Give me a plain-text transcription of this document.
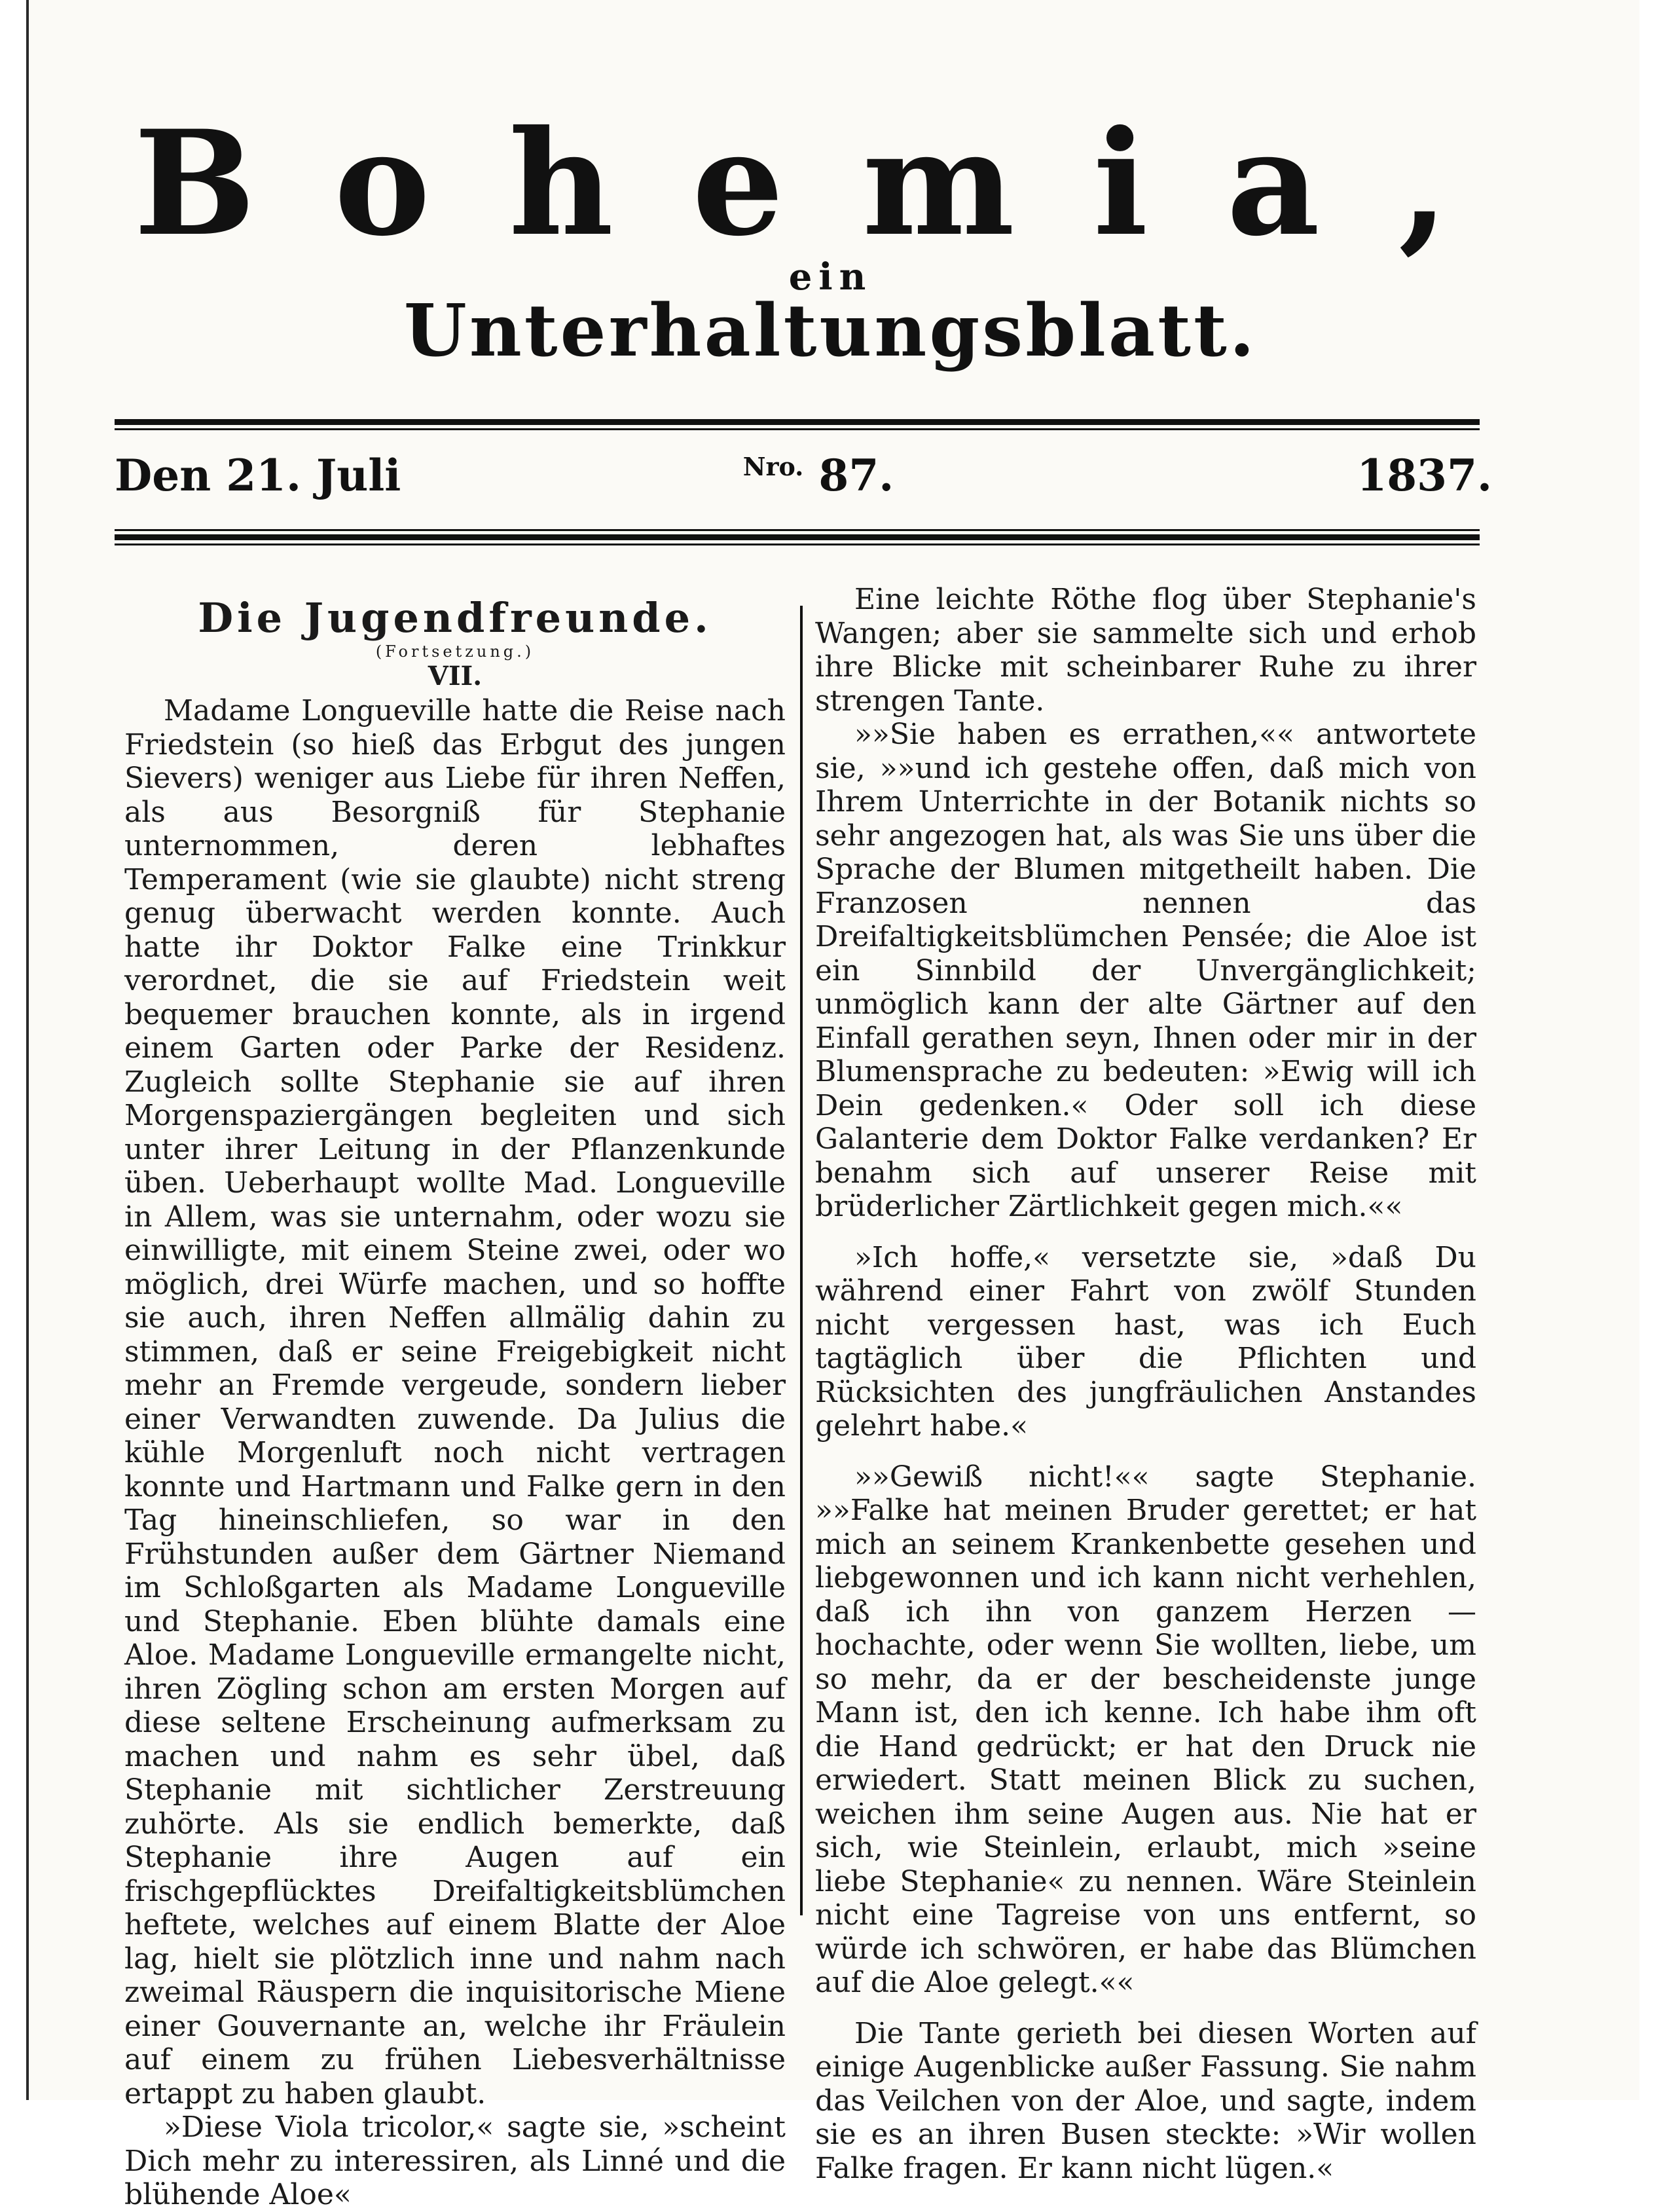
Bohemia,
ein
Unterhaltungsblatt.
Den 21. Juli	$^{Nro.}$ 87.	1837.
Die Jugendfreunde.
(Fortsetzung.)
VII.

Madame Longueville hatte die Reise nach Friedstein (so hieß das Erbgut des jungen Sievers) weniger aus Liebe für ihren Neffen, als aus Besorgniß für Stephanie unternommen, deren lebhaftes Temperament (wie sie glaubte) nicht streng genug überwacht werden konnte. Auch hatte ihr Doktor Falke eine Trinkkur verordnet, die sie auf Friedstein weit bequemer brauchen konnte, als in irgend einem Garten oder Parke der Residenz. Zugleich sollte Stephanie sie auf ihren Morgenspaziergängen begleiten und sich unter ihrer Leitung in der Pflanzenkunde üben. Ueberhaupt wollte Mad. Longueville in Allem, was sie unternahm, oder wozu sie einwilligte, mit einem Steine zwei, oder wo möglich, drei Würfe machen, und so hoffte sie auch, ihren Neffen allmälig dahin zu stimmen, daß er seine Freigebigkeit nicht mehr an Fremde vergeude, sondern lieber einer Verwandten zuwende. Da Julius die kühle Morgenluft noch nicht vertragen konnte und Hartmann und Falke gern in den Tag hineinschliefen, so war in den Frühstunden außer dem Gärtner Niemand im Schloßgarten als Madame Longueville und Stephanie. Eben blühte damals eine Aloe. Madame Longueville ermangelte nicht, ihren Zögling schon am ersten Morgen auf diese seltene Erscheinung aufmerksam zu machen und nahm es sehr übel, daß Stephanie mit sichtlicher Zerstreuung zuhörte. Als sie endlich bemerkte, daß Stephanie ihre Augen auf ein frischgepflücktes Dreifaltigkeitsblümchen heftete, welches auf einem Blatte der Aloe lag, hielt sie plötzlich inne und nahm nach zweimal Räuspern die inquisitorische Miene einer Gouvernante an, welche ihr Fräulein auf einem zu frühen Liebesverhältnisse ertappt zu haben glaubt.

»Diese Viola tricolor,« sagte sie, »scheint Dich mehr zu interessiren, als Linné und die blühende Aloe«

Eine leichte Röthe flog über Stephanie's Wangen; aber sie sammelte sich und erhob ihre Blicke mit scheinbarer Ruhe zu ihrer strengen Tante.

»»Sie haben es errathen,«« antwortete sie, »»und ich gestehe offen, daß mich von Ihrem Unterrichte in der Botanik nichts so sehr angezogen hat, als was Sie uns über die Sprache der Blumen mitgetheilt haben. Die Franzosen nennen das Dreifaltigkeitsblümchen Pensée; die Aloe ist ein Sinnbild der Unvergänglichkeit; unmöglich kann der alte Gärtner auf den Einfall gerathen seyn, Ihnen oder mir in der Blumensprache zu bedeuten: »Ewig will ich Dein gedenken.« Oder soll ich diese Galanterie dem Doktor Falke verdanken? Er benahm sich auf unserer Reise mit brüderlicher Zärtlichkeit gegen mich.««

»Ich hoffe,« versetzte sie, »daß Du während einer Fahrt von zwölf Stunden nicht vergessen hast, was ich Euch tagtäglich über die Pflichten und Rücksichten des jungfräulichen Anstandes gelehrt habe.«

»»Gewiß nicht!«« sagte Stephanie. »»Falke hat meinen Bruder gerettet; er hat mich an seinem Krankenbette gesehen und liebgewonnen und ich kann nicht verhehlen, daß ich ihn von ganzem Herzen — hochachte, oder wenn Sie wollten, liebe, um so mehr, da er der bescheidenste junge Mann ist, den ich kenne. Ich habe ihm oft die Hand gedrückt; er hat den Druck nie erwiedert. Statt meinen Blick zu suchen, weichen ihm seine Augen aus. Nie hat er sich, wie Steinlein, erlaubt, mich »seine liebe Stephanie« zu nennen. Wäre Steinlein nicht eine Tagreise von uns entfernt, so würde ich schwören, er habe das Blümchen auf die Aloe gelegt.««

Die Tante gerieth bei diesen Worten auf einige Augenblicke außer Fassung. Sie nahm das Veilchen von der Aloe, und sagte, indem sie es an ihren Busen steckte: »Wir wollen Falke fragen. Er kann nicht lügen.«
